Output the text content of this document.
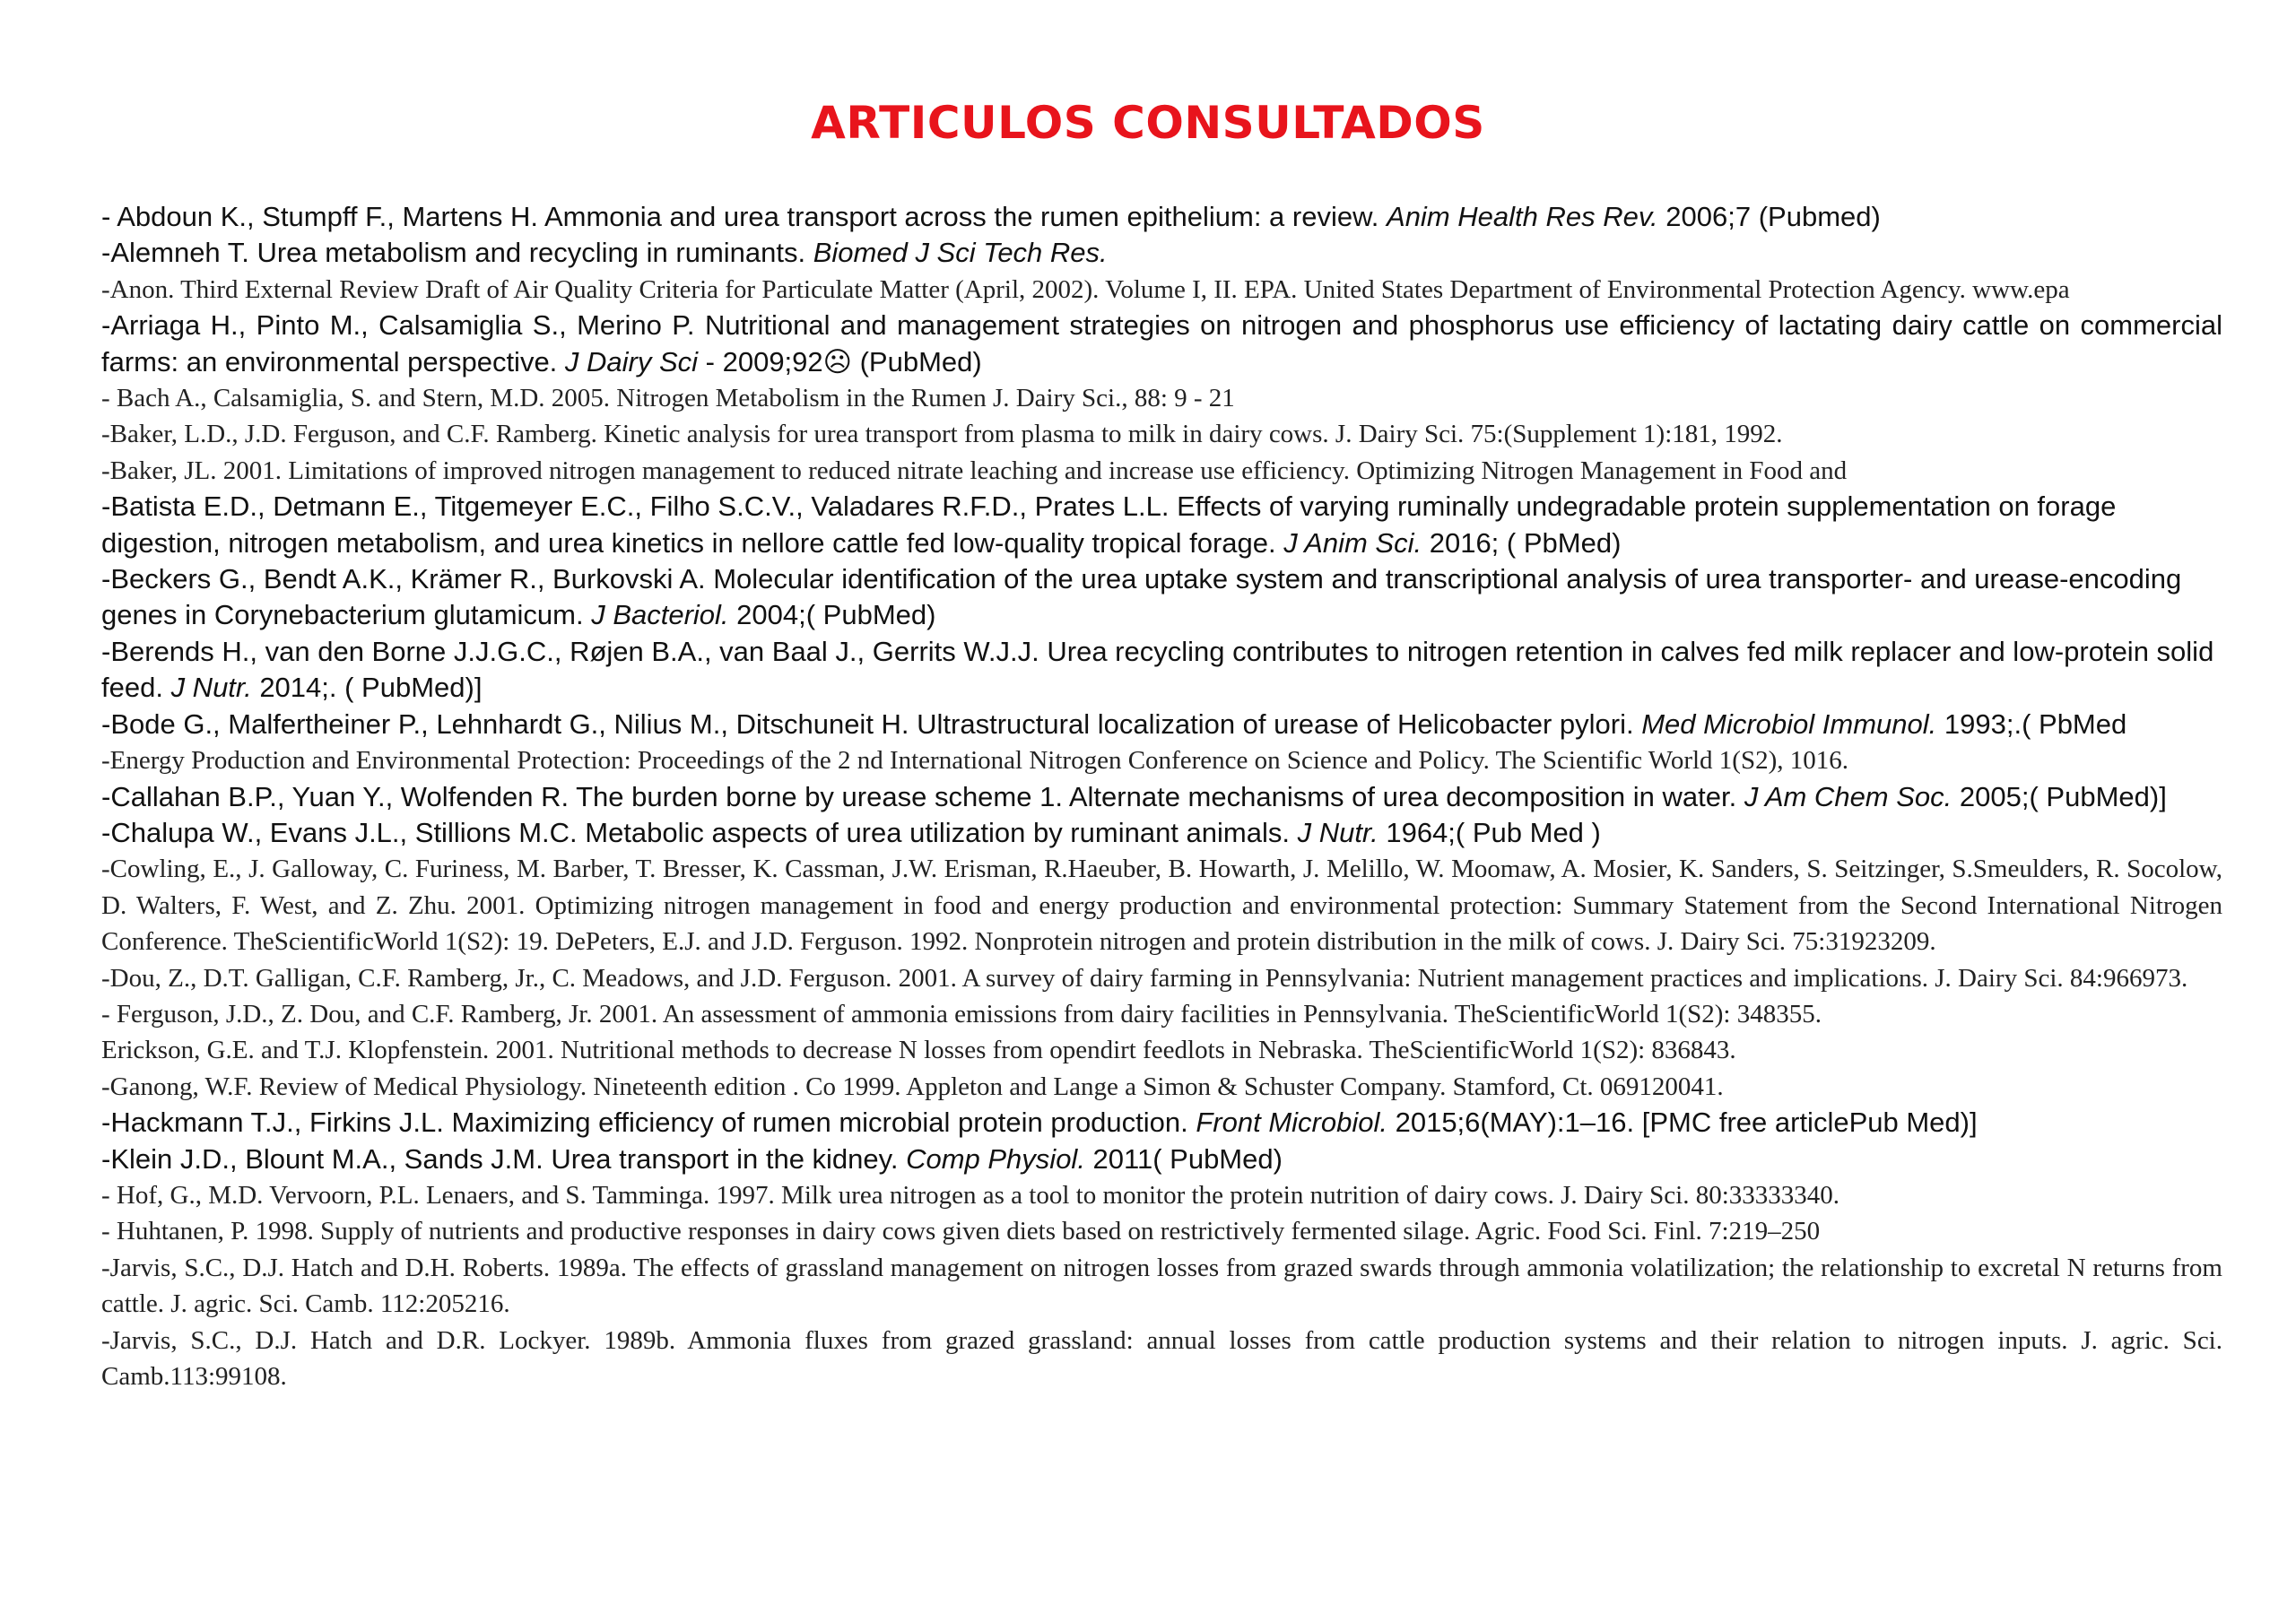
ARTICULOS CONSULTADOS
- Abdoun K., Stumpff F., Martens H. Ammonia and urea transport across the rumen epithelium: a review. Anim Health Res Rev. 2006;7 (Pubmed)
-Alemneh T. Urea metabolism and recycling in ruminants. Biomed J Sci Tech Res.
-Anon. Third External Review Draft of Air Quality Criteria for Particulate Matter (April, 2002). Volume I, II. EPA. United States Department of Environmental Protection Agency. www.epa
-Arriaga H., Pinto M., Calsamiglia S., Merino P. Nutritional and management strategies on nitrogen and phosphorus use efficiency of lactating dairy cattle on commercial farms: an environmental perspective. J Dairy Sci - 2009;92☹ (PubMed)
- Bach A., Calsamiglia, S. and Stern, M.D. 2005. Nitrogen Metabolism in the Rumen J. Dairy Sci., 88: 9 - 21
-Baker, L.D., J.D. Ferguson, and C.F. Ramberg. Kinetic analysis for urea transport from plasma to milk in dairy cows. J. Dairy Sci. 75:(Supplement 1):181, 1992.
-Baker, JL. 2001. Limitations of improved nitrogen management to reduced nitrate leaching and increase use efficiency. Optimizing Nitrogen Management in Food and
-Batista E.D., Detmann E., Titgemeyer E.C., Filho S.C.V., Valadares R.F.D., Prates L.L. Effects of varying ruminally undegradable protein supplementation on forage digestion, nitrogen metabolism, and urea kinetics in nellore cattle fed low-quality tropical forage. J Anim Sci. 2016; ( PbMed)
-Beckers G., Bendt A.K., Krämer R., Burkovski A. Molecular identification of the urea uptake system and transcriptional analysis of urea transporter- and urease-encoding genes in Corynebacterium glutamicum. J Bacteriol. 2004;( PubMed)
-Berends H., van den Borne J.J.G.C., Røjen B.A., van Baal J., Gerrits W.J.J. Urea recycling contributes to nitrogen retention in calves fed milk replacer and low-protein solid feed. J Nutr. 2014;. ( PubMed)]
-Bode G., Malfertheiner P., Lehnhardt G., Nilius M., Ditschuneit H. Ultrastructural localization of urease of Helicobacter pylori. Med Microbiol Immunol. 1993;.( PbMed
-Energy Production and Environmental Protection: Proceedings of the 2 nd International Nitrogen Conference on Science and Policy. The Scientific World 1(S2), 1016.
-Callahan B.P., Yuan Y., Wolfenden R. The burden borne by urease scheme 1. Alternate mechanisms of urea decomposition in water. J Am Chem Soc. 2005;( PubMed)]
-Chalupa W., Evans J.L., Stillions M.C. Metabolic aspects of urea utilization by ruminant animals. J Nutr. 1964;( Pub Med )
-Cowling, E., J. Galloway, C. Furiness, M. Barber, T. Bresser, K. Cassman, J.W. Erisman, R.Haeuber, B. Howarth, J. Melillo, W. Moomaw, A. Mosier, K. Sanders, S. Seitzinger, S.Smeulders, R. Socolow, D. Walters, F. West, and Z. Zhu. 2001. Optimizing nitrogen management in food and energy production and environmental protection: Summary Statement from the Second International Nitrogen Conference. TheScientificWorld 1(S2): 19. DePeters, E.J. and J.D. Ferguson. 1992. Nonprotein nitrogen and protein distribution in the milk of cows. J. Dairy Sci. 75:31923209.
-Dou, Z., D.T. Galligan, C.F. Ramberg, Jr., C. Meadows, and J.D. Ferguson. 2001. A survey of dairy farming in Pennsylvania: Nutrient management practices and implications. J. Dairy Sci. 84:966973.
- Ferguson, J.D., Z. Dou, and C.F. Ramberg, Jr. 2001. An assessment of ammonia emissions from dairy facilities in Pennsylvania. TheScientificWorld 1(S2): 348355.
Erickson, G.E. and T.J. Klopfenstein. 2001. Nutritional methods to decrease N losses from opendirt feedlots in Nebraska. TheScientificWorld 1(S2): 836843.
-Ganong, W.F. Review of Medical Physiology. Nineteenth edition . Co 1999. Appleton and Lange a Simon & Schuster Company. Stamford, Ct. 069120041.
-Hackmann T.J., Firkins J.L. Maximizing efficiency of rumen microbial protein production. Front Microbiol. 2015;6(MAY):1–16. [PMC free articlePub Med)]
-Klein J.D., Blount M.A., Sands J.M. Urea transport in the kidney. Comp Physiol. 2011( PubMed)
- Hof, G., M.D. Vervoorn, P.L. Lenaers, and S. Tamminga. 1997. Milk urea nitrogen as a tool to monitor the protein nutrition of dairy cows. J. Dairy Sci. 80:33333340.
- Huhtanen, P. 1998. Supply of nutrients and productive responses in dairy cows given diets based on restrictively fermented silage. Agric. Food Sci. Finl. 7:219–250
-Jarvis, S.C., D.J. Hatch and D.H. Roberts. 1989a. The effects of grassland management on nitrogen losses from grazed swards through ammonia volatilization; the relationship to excretal N returns from cattle. J. agric. Sci. Camb. 112:205216.
-Jarvis, S.C., D.J. Hatch and D.R. Lockyer. 1989b. Ammonia fluxes from grazed grassland: annual losses from cattle production systems and their relation to nitrogen inputs. J. agric. Sci. Camb.113:99108.
